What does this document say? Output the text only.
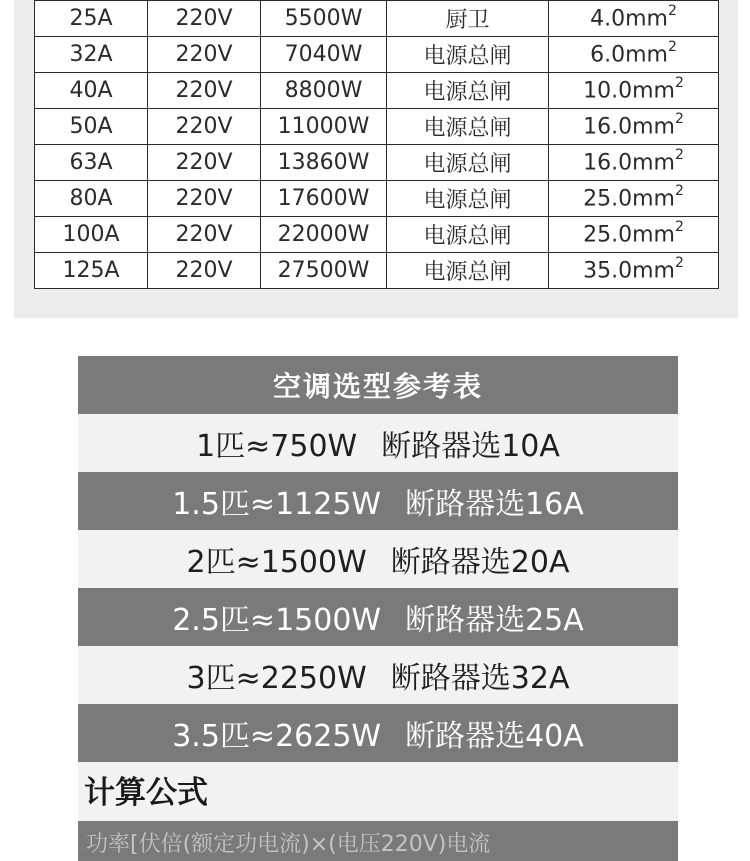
25A	220V	5500W	厨卫	$4.0mm^2$
32A	220V	7040W	电源总闸	$6.0mm^2$
40A	220V	8800W	电源总闸	$10.0mm^2$
50A	220V	11000W	电源总闸	$16.0mm^2$
63A	220V	13860W	电源总闸	$16.0mm^2$
80A	220V	17600W	电源总闸	$25.0mm^2$
100A	220V	22000W	电源总闸	$25.0mm^2$
125A	220V	27500W	电源总闸	$35.0mm^2$
空调选型参考表
1匹≈750W 断路器选10A
1.5匹≈1125W 断路器选16A
2匹≈1500W 断路器选20A
2.5匹≈1500W 断路器选25A
3匹≈2250W 断路器选32A
3.5匹≈2625W 断路器选40A
计算公式
功率[伏倍(额定功电流)×(电压220V)电流
